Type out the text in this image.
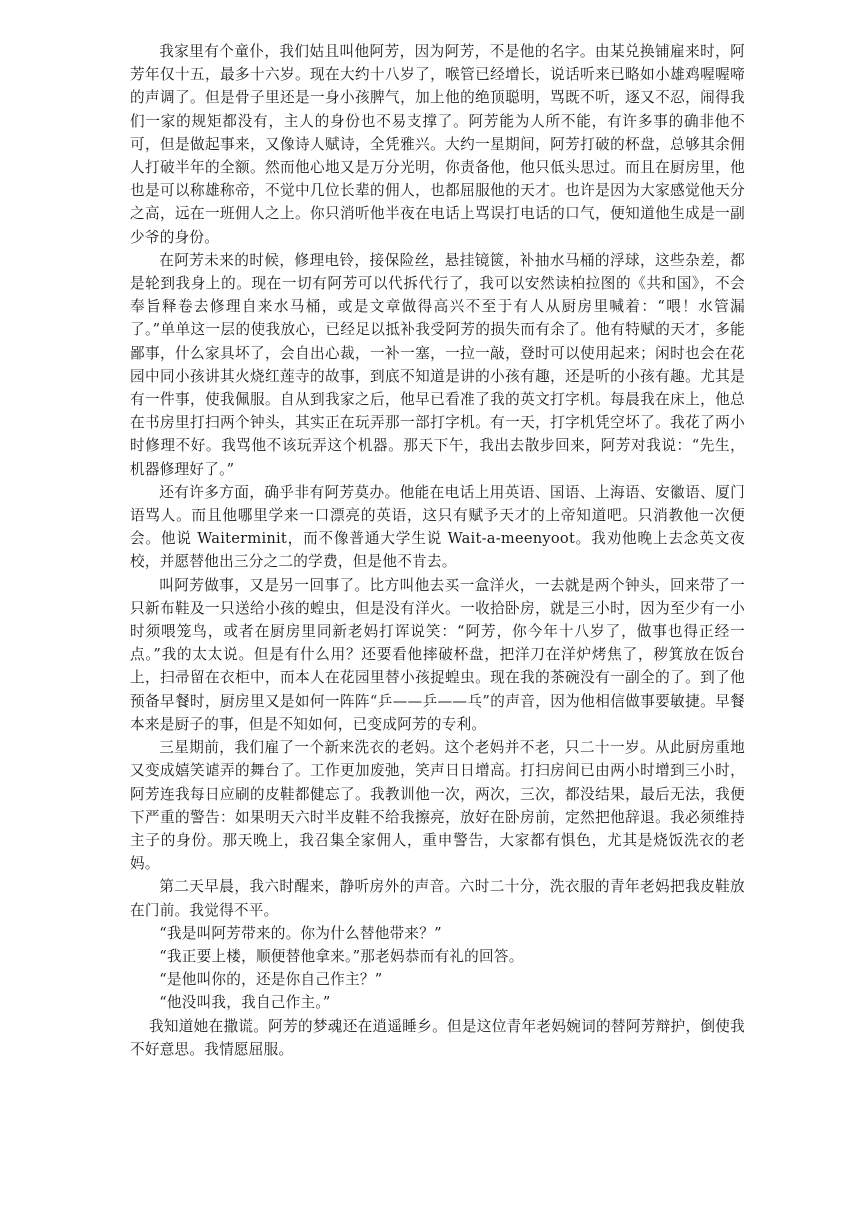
我家里有个童仆，我们姑且叫他阿芳，因为阿芳，不是他的名字。由某兑换铺雇来时，阿芳年仅十五，最多十六岁。现在大约十八岁了，喉管已经增长，说话听来已略如小雄鸡喔喔啼的声调了。但是骨子里还是一身小孩脾气，加上他的绝顶聪明，骂既不听，逐又不忍，闹得我们一家的规矩都没有，主人的身份也不易支撑了。阿芳能为人所不能，有许多事的确非他不可，但是做起事来，又像诗人赋诗，全凭雅兴。大约一星期间，阿芳打破的杯盘，总够其余佣人打破半年的全额。然而他心地又是万分光明，你责备他，他只低头思过。而且在厨房里，他也是可以称雄称帝，不觉中几位长辈的佣人，也都屈服他的天才。也许是因为大家感觉他天分之高，远在一班佣人之上。你只消听他半夜在电话上骂误打电话的口气，便知道他生成是一副少爷的身份。

在阿芳未来的时候，修理电铃，接保险丝，悬挂镜篋，补抽水马桶的浮球，这些杂差，都是轮到我身上的。现在一切有阿芳可以代拆代行了，我可以安然读柏拉图的《共和国》，不会奉旨释卷去修理自来水马桶，或是文章做得高兴不至于有人从厨房里喊着：“喂！水管漏了。”单单这一层的使我放心，已经足以抵补我受阿芳的损失而有余了。他有特赋的天才，多能鄙事，什么家具坏了，会自出心裁，一补一塞，一拉一敲，登时可以使用起来；闲时也会在花园中同小孩讲其火烧红莲寺的故事，到底不知道是讲的小孩有趣，还是听的小孩有趣。尤其是有一件事，使我佩服。自从到我家之后，他早已看准了我的英文打字机。每晨我在床上，他总在书房里打扫两个钟头，其实正在玩弄那一部打字机。有一天，打字机凭空坏了。我花了两小时修理不好。我骂他不该玩弄这个机器。那天下午，我出去散步回来，阿芳对我说：“先生，机器修理好了。”

还有许多方面，确乎非有阿芳莫办。他能在电话上用英语、国语、上海语、安徽语、厦门语骂人。而且他哪里学来一口漂亮的英语，这只有赋予天才的上帝知道吧。只消教他一次便会。他说 Waiterminit，而不像普通大学生说 Wait-a-meenyoot。我劝他晚上去念英文夜校，并愿替他出三分之二的学费，但是他不肯去。

叫阿芳做事，又是另一回事了。比方叫他去买一盒洋火，一去就是两个钟头，回来带了一只新布鞋及一只送给小孩的蝗虫，但是没有洋火。一收拾卧房，就是三小时，因为至少有一小时须喂笼鸟，或者在厨房里同新老妈打诨说笑：“阿芳，你今年十八岁了，做事也得正经一点。”我的太太说。但是有什么用？还要看他摔破杯盘，把洋刀在洋炉烤焦了，秽箕放在饭台上，扫帚留在衣柜中，而本人在花园里替小孩捉蝗虫。现在我的茶碗没有一副全的了。到了他预备早餐时，厨房里又是如何一阵阵“乒——乒——乓”的声音，因为他相信做事要敏捷。早餐本来是厨子的事，但是不知如何，已变成阿芳的专利。

三星期前，我们雇了一个新来洗衣的老妈。这个老妈并不老，只二十一岁。从此厨房重地又变成嬉笑谑弄的舞台了。工作更加废弛，笑声日日增高。打扫房间已由两小时增到三小时，阿芳连我每日应刷的皮鞋都健忘了。我教训他一次，两次，三次，都没结果，最后无法，我便下严重的警告：如果明天六时半皮鞋不给我擦亮，放好在卧房前，定然把他辞退。我必须维持主子的身份。那天晚上，我召集全家佣人，重申警告，大家都有惧色，尤其是烧饭洗衣的老妈。

第二天早晨，我六时醒来，静听房外的声音。六时二十分，洗衣服的青年老妈把我皮鞋放在门前。我觉得不平。

“我是叫阿芳带来的。你为什么替他带来？”

“我正要上楼，顺便替他拿来。”那老妈恭而有礼的回答。

“是他叫你的，还是你自己作主？”

“他没叫我，我自己作主。”

我知道她在撒谎。阿芳的梦魂还在逍遥睡乡。但是这位青年老妈婉词的替阿芳辩护，倒使我不好意思。我情愿屈服。
